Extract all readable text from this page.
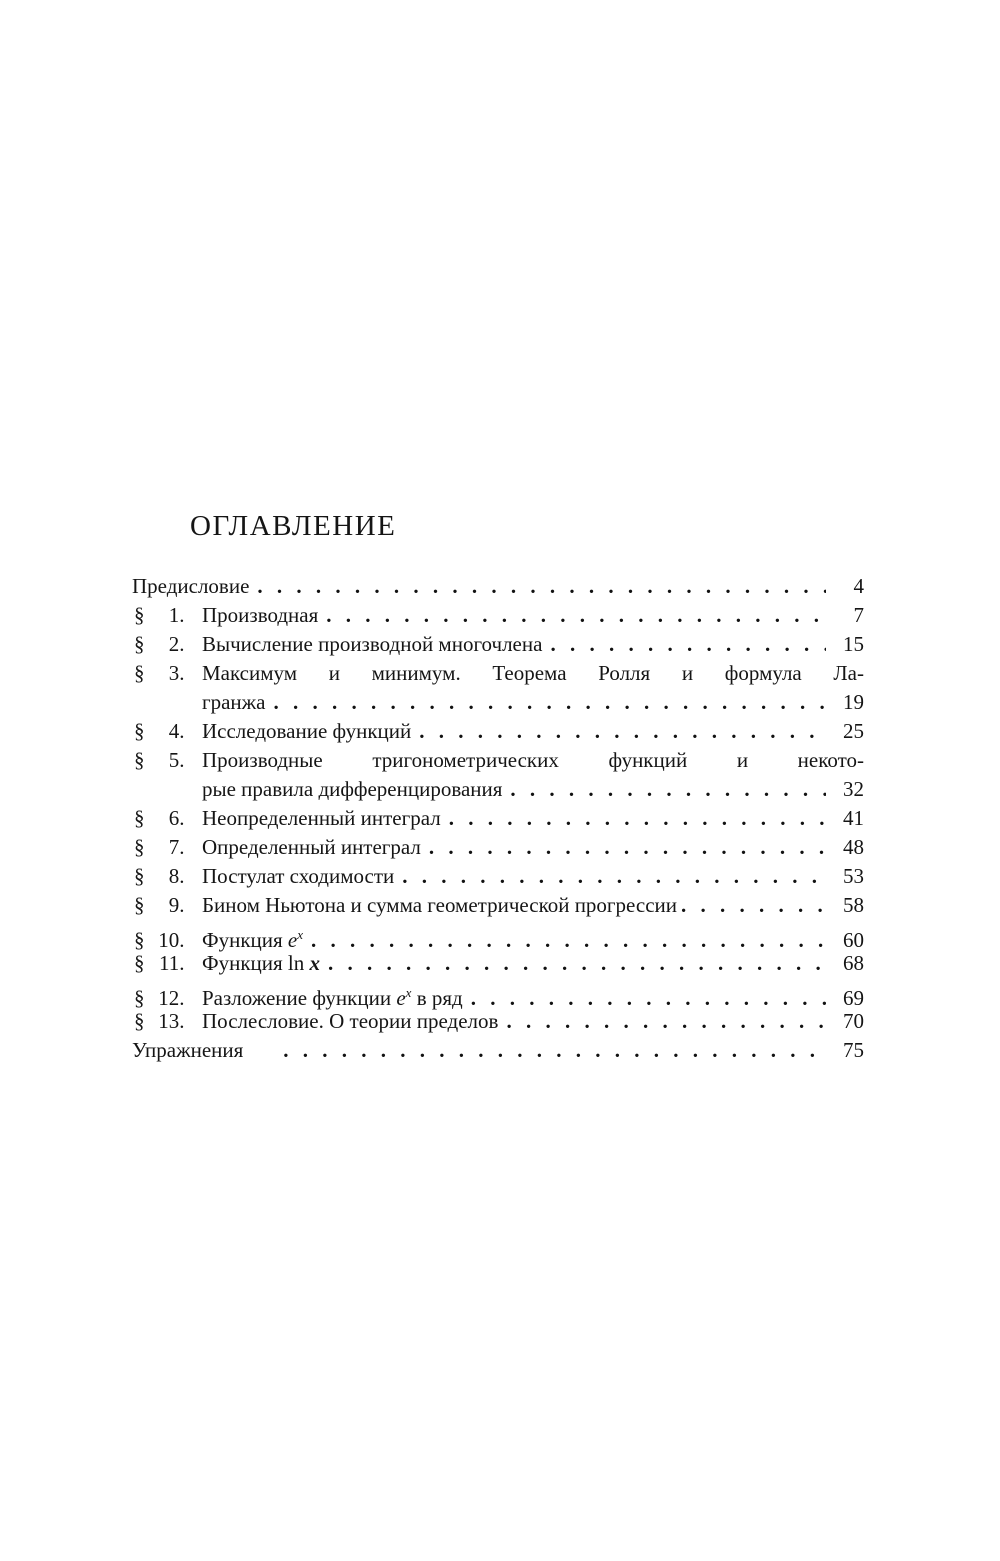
ОГЛАВЛЕНИЕ
Предисловие . . .	4
§ 1. Производная . . .	7
§ 2. Вычисление производной многочлена . . .	15
§ 3. Максимум и минимум. Теорема Ролля и формула Ла-
гранжа . . .	19
§ 4. Исследование функций . . .	25
§ 5. Производные тригонометрических функций и некото-
рые правила дифференцирования . . .	32
§ 6. Неопределенный интеграл . . .	41
§ 7. Определенный интеграл . . .	48
§ 8. Постулат сходимости . . .	53
§ 9. Бином Ньютона и сумма геометрической прогрессии . . .	58
§ 10. Функция $e^x$ . . .	60
§ 11. Функция ln x . . .	68
§ 12. Разложение функции $e^x$ в ряд . . .	69
§ 13. Послесловие. О теории пределов . . .	70
Упражнения . . .	75
